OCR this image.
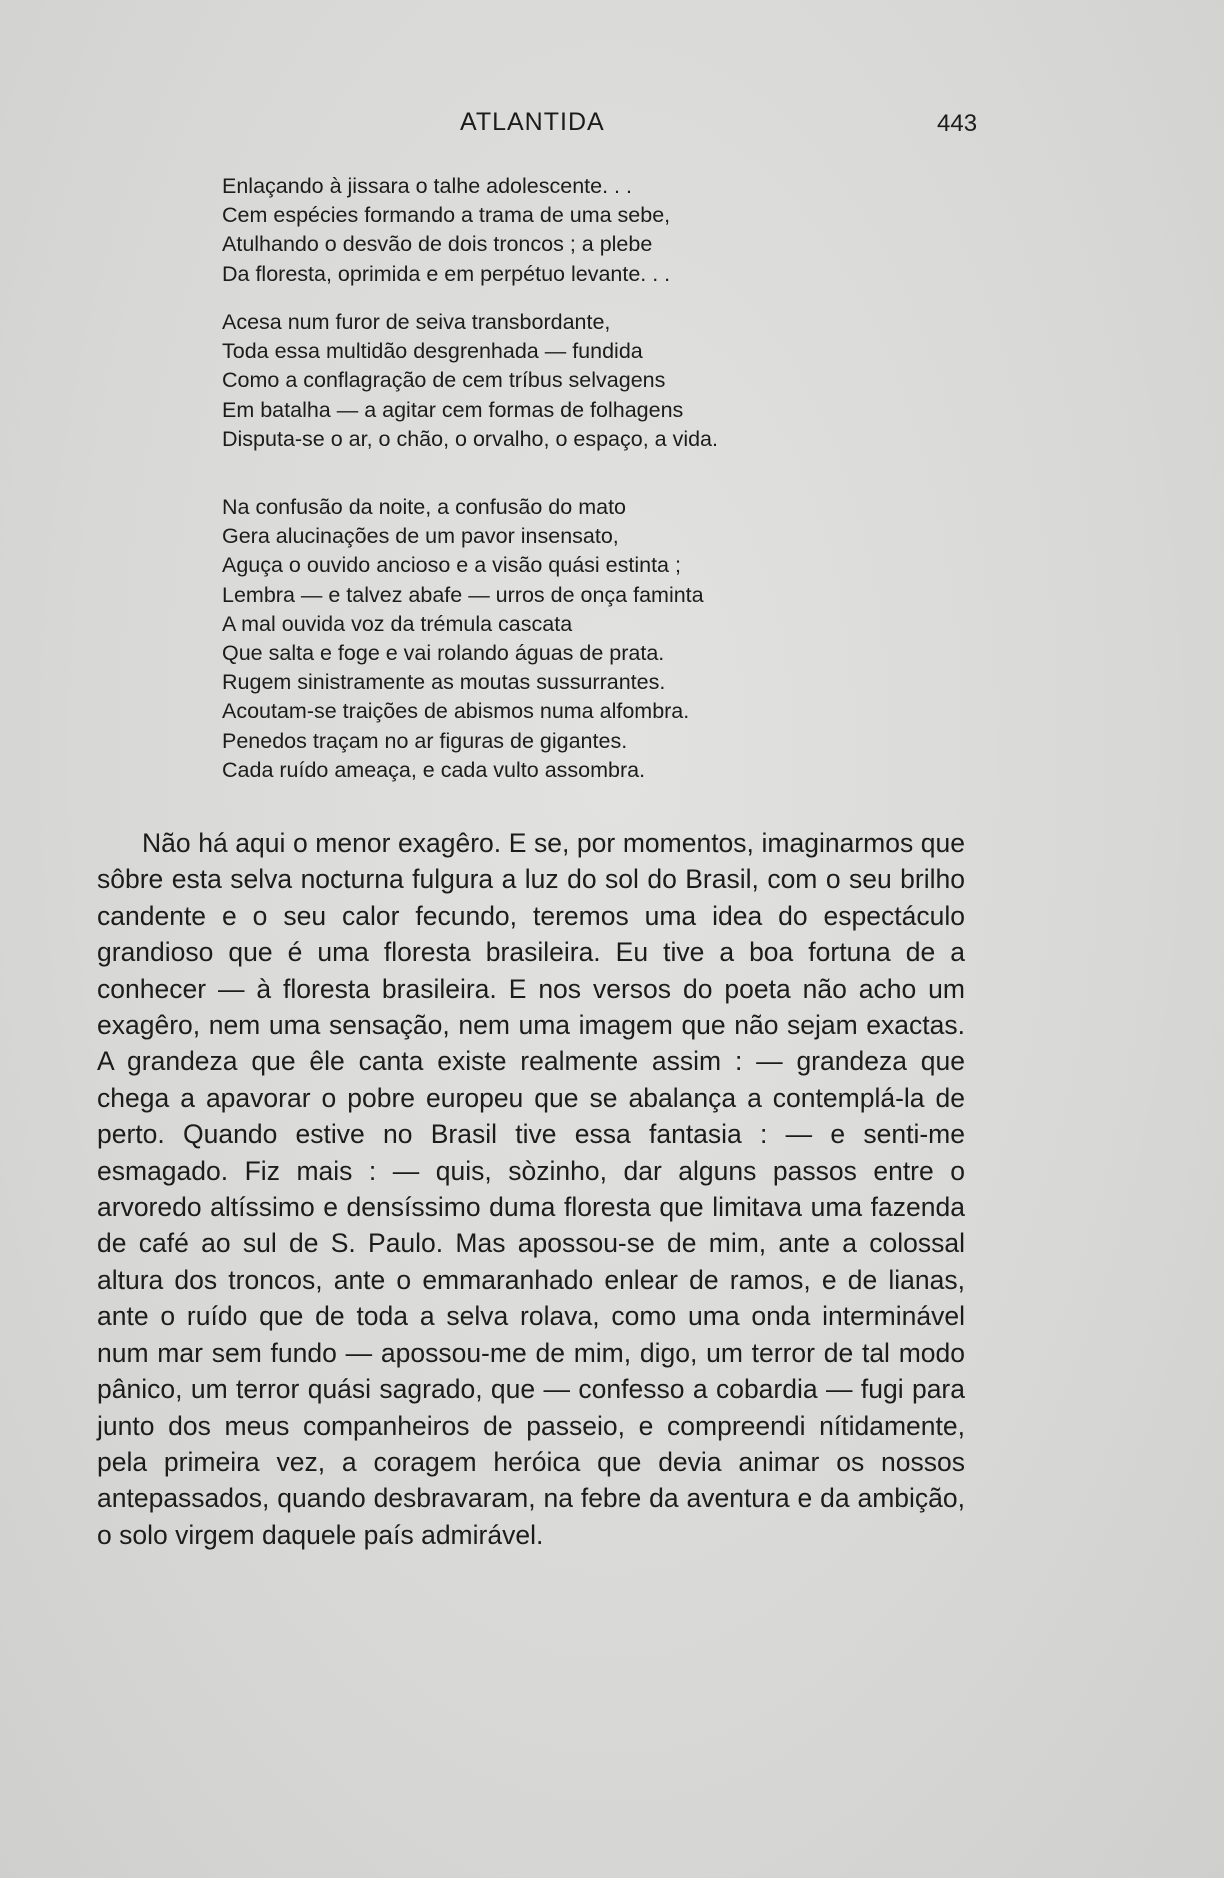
ATLANTIDA	443
Enlaçando à jissara o talhe adolescente. . .
Cem espécies formando a trama de uma sebe,
Atulhando o desvão de dois troncos ; a plebe
Da floresta, oprimida e em perpétuo levante. . .
Acesa num furor de seiva transbordante,
Toda essa multidão desgrenhada — fundida
Como a conflagração de cem tríbus selvagens
Em batalha — a agitar cem formas de folhagens
Disputa-se o ar, o chão, o orvalho, o espaço, a vida.
Na confusão da noite, a confusão do mato
Gera alucinações de um pavor insensato,
Aguça o ouvido ancioso e a visão quási estinta ;
Lembra — e talvez abafe — urros de onça faminta
A mal ouvida voz da trémula cascata
Que salta e foge e vai rolando águas de prata.
Rugem sinistramente as moutas sussurrantes.
Acoutam-se traições de abismos numa alfombra.
Penedos traçam no ar figuras de gigantes.
Cada ruído ameaça, e cada vulto assombra.

Não há aqui o menor exagêro. E se, por momentos, imaginarmos que sôbre esta selva nocturna fulgura a luz do sol do Brasil, com o seu brilho candente e o seu calor fecundo, teremos uma idea do espectáculo grandioso que é uma floresta brasileira. Eu tive a boa fortuna de a conhecer — à floresta brasileira. E nos versos do poeta não acho um exagêro, nem uma sensação, nem uma imagem que não sejam exactas. A grandeza que êle canta existe realmente assim : — grandeza que chega a apavorar o pobre europeu que se abalança a contemplá-la de perto. Quando estive no Brasil tive essa fantasia : — e senti-me esmagado. Fiz mais : — quis, sòzinho, dar alguns passos entre o arvoredo altíssimo e densíssimo duma floresta que limitava uma fazenda de café ao sul de S. Paulo. Mas apossou-se de mim, ante a colossal altura dos troncos, ante o emmaranhado enlear de ramos, e de lianas, ante o ruído que de toda a selva rolava, como uma onda interminável num mar sem fundo — apossou-me de mim, digo, um terror de tal modo pânico, um terror quási sagrado, que — confesso a cobardia — fugi para junto dos meus companheiros de passeio, e compreendi nítidamente, pela primeira vez, a coragem heróica que devia animar os nossos antepassados, quando desbravaram, na febre da aventura e da ambição, o solo virgem daquele país admirável.
